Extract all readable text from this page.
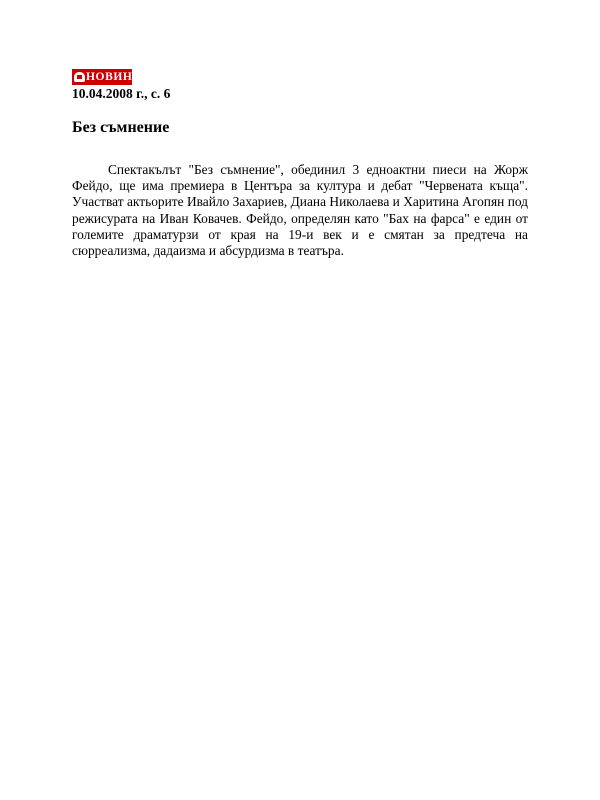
НОВИНАР
10.04.2008 г., с. 6
Без съмнение

Спектакълът "Без съмнение", обединил 3 едноактни пиеси на Жорж Фейдо, ще има премиера в Центъра за култура и дебат "Червената къща". Участват актьорите Ивайло Захариев, Диана Николаева и Харитина Агопян под режисурата на Иван Ковачев. Фейдо, определян като "Бах на фарса" е един от големите драматурзи от края на 19-и век и е смятан за предтеча на сюрреализма, дадаизма и абсурдизма в театъра.
